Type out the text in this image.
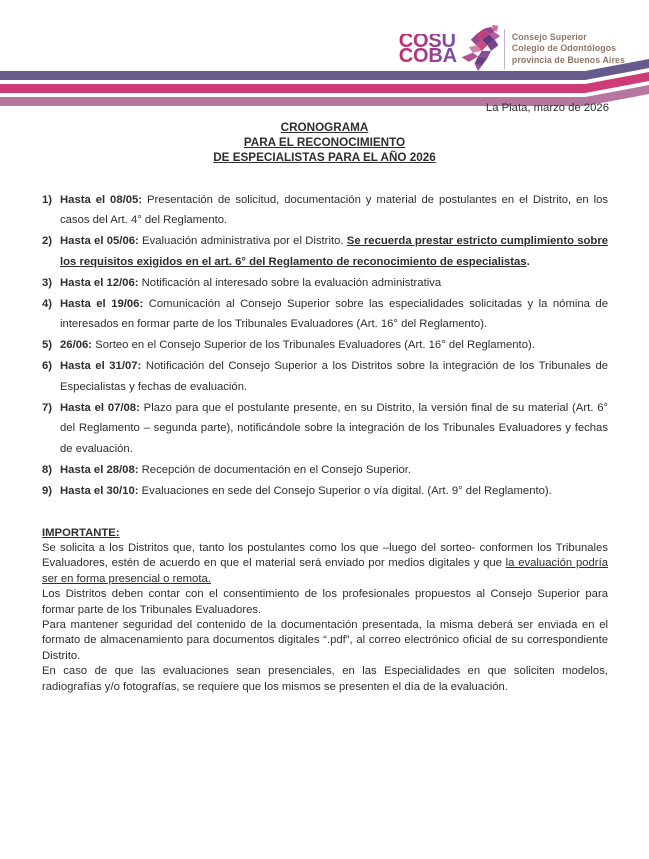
COSU
COBA
Consejo Superior
Colegio de Odontólogos
provincia de Buenos Aires
La Plata, marzo de 2026
CRONOGRAMA
PARA EL RECONOCIMIENTO
DE ESPECIALISTAS PARA EL AÑO 2026
1) Hasta el 08/05: Presentación de solicitud, documentación y material de postulantes en el Distrito, en los casos del Art. 4° del Reglamento.
2) Hasta el 05/06: Evaluación administrativa por el Distrito. Se recuerda prestar estricto cumplimiento sobre los requisitos exigidos en el art. 6° del Reglamento de reconocimiento de especialistas.
3) Hasta el 12/06: Notificación al interesado sobre la evaluación administrativa
4) Hasta el 19/06: Comunicación al Consejo Superior sobre las especialidades solicitadas y la nómina de interesados en formar parte de los Tribunales Evaluadores (Art. 16° del Reglamento).
5) 26/06: Sorteo en el Consejo Superior de los Tribunales Evaluadores (Art. 16° del Reglamento).
6) Hasta el 31/07: Notificación del Consejo Superior a los Distritos sobre la integración de los Tribunales de Especialistas y fechas de evaluación.
7) Hasta el 07/08: Plazo para que el postulante presente, en su Distrito, la versión final de su material (Art. 6° del Reglamento – segunda parte), notificándole sobre la integración de los Tribunales Evaluadores y fechas de evaluación.
8) Hasta el 28/08: Recepción de documentación en el Consejo Superior.
9) Hasta el 30/10: Evaluaciones en sede del Consejo Superior o vía digital. (Art. 9° del Reglamento).
IMPORTANTE:
Se solicita a los Distritos que, tanto los postulantes como los que –luego del sorteo- conformen los Tribunales Evaluadores, estén de acuerdo en que el material será enviado por medios digitales y que la evaluación podría ser en forma presencial o remota.
Los Distritos deben contar con el consentimiento de los profesionales propuestos al Consejo Superior para formar parte de los Tribunales Evaluadores.
Para mantener seguridad del contenido de la documentación presentada, la misma deberá ser enviada en el formato de almacenamiento para documentos digitales “.pdf”, al correo electrónico oficial de su correspondiente Distrito.
En caso de que las evaluaciones sean presenciales, en las Especialidades en que soliciten modelos, radiografías y/o fotografías, se requiere que los mismos se presenten el día de la evaluación.
